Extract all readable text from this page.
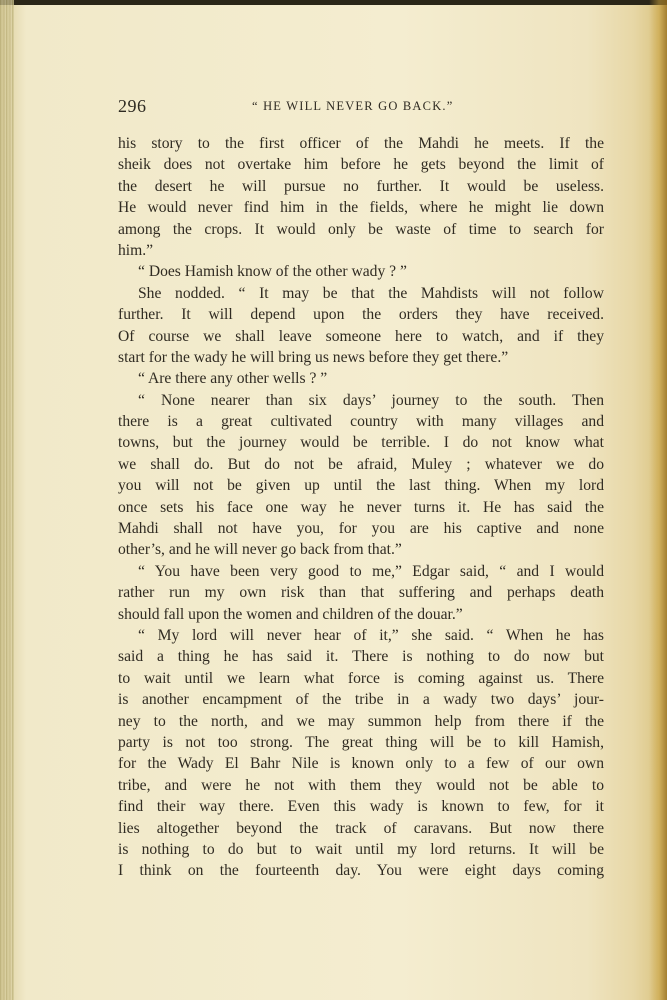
296	“ HE WILL NEVER GO BACK.”
his story to the first officer of the Mahdi he meets. If the
sheik does not overtake him before he gets beyond the limit of
the desert he will pursue no further. It would be useless.
He would never find him in the fields, where he might lie down
among the crops. It would only be waste of time to search for
him.”
“ Does Hamish know of the other wady ? ”
She nodded. “ It may be that the Mahdists will not follow
further. It will depend upon the orders they have received.
Of course we shall leave someone here to watch, and if they
start for the wady he will bring us news before they get there.”
“ Are there any other wells ? ”
“ None nearer than six days’ journey to the south. Then
there is a great cultivated country with many villages and
towns, but the journey would be terrible. I do not know what
we shall do. But do not be afraid, Muley ; whatever we do
you will not be given up until the last thing. When my lord
once sets his face one way he never turns it. He has said the
Mahdi shall not have you, for you are his captive and none
other’s, and he will never go back from that.”
“ You have been very good to me,” Edgar said, “ and I would
rather run my own risk than that suffering and perhaps death
should fall upon the women and children of the douar.”
“ My lord will never hear of it,” she said. “ When he has
said a thing he has said it. There is nothing to do now but
to wait until we learn what force is coming against us. There
is another encampment of the tribe in a wady two days’ jour-
ney to the north, and we may summon help from there if the
party is not too strong. The great thing will be to kill Hamish,
for the Wady El Bahr Nile is known only to a few of our own
tribe, and were he not with them they would not be able to
find their way there. Even this wady is known to few, for it
lies altogether beyond the track of caravans. But now there
is nothing to do but to wait until my lord returns. It will be
I think on the fourteenth day. You were eight days coming
